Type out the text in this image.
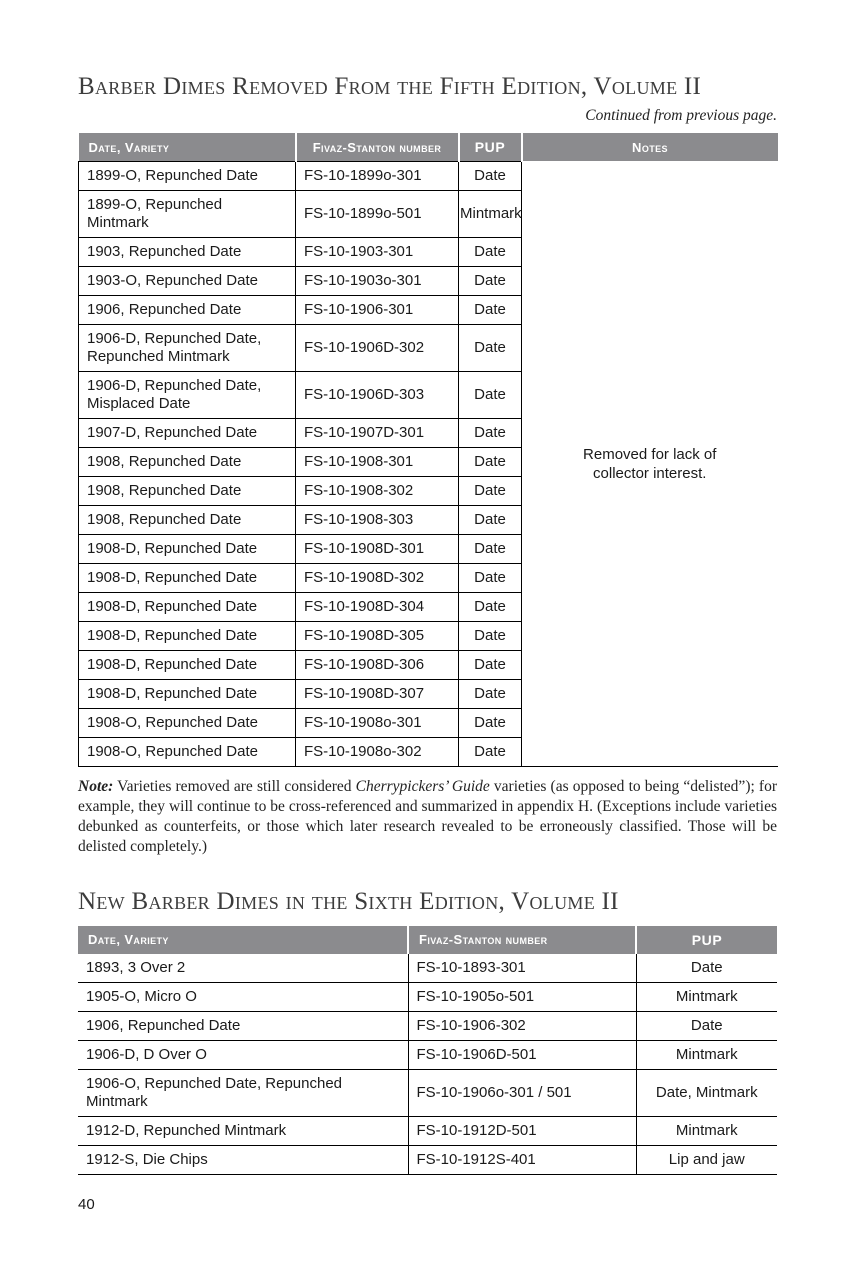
Barber Dimes Removed From the Fifth Edition, Volume II
Continued from previous page.
Date, Variety	Fivaz-Stanton number	PUP	Notes
1899-O, Repunched Date	FS-10-1899o-301	Date	Removed for lack of collector interest.
1899-O, Repunched Mintmark	FS-10-1899o-501	Mintmark	
1903, Repunched Date	FS-10-1903-301	Date	
1903-O, Repunched Date	FS-10-1903o-301	Date	
1906, Repunched Date	FS-10-1906-301	Date	
1906-D, Repunched Date, Repunched Mintmark	FS-10-1906D-302	Date	
1906-D, Repunched Date, Misplaced Date	FS-10-1906D-303	Date	
1907-D, Repunched Date	FS-10-1907D-301	Date	
1908, Repunched Date	FS-10-1908-301	Date	
1908, Repunched Date	FS-10-1908-302	Date	
1908, Repunched Date	FS-10-1908-303	Date	
1908-D, Repunched Date	FS-10-1908D-301	Date	
1908-D, Repunched Date	FS-10-1908D-302	Date	
1908-D, Repunched Date	FS-10-1908D-304	Date	
1908-D, Repunched Date	FS-10-1908D-305	Date	
1908-D, Repunched Date	FS-10-1908D-306	Date	
1908-D, Repunched Date	FS-10-1908D-307	Date	
1908-O, Repunched Date	FS-10-1908o-301	Date	
1908-O, Repunched Date	FS-10-1908o-302	Date	

Note: Varieties removed are still considered Cherrypickers’ Guide varieties (as opposed to being “delisted”); for example, they will continue to be cross-referenced and summarized in appendix H. (Exceptions include varieties debunked as counterfeits, or those which later research revealed to be erroneously classified. Those will be delisted completely.)

New Barber Dimes in the Sixth Edition, Volume II
Date, Variety	Fivaz-Stanton number	PUP
1893, 3 Over 2	FS-10-1893-301	Date
1905-O, Micro O	FS-10-1905o-501	Mintmark
1906, Repunched Date	FS-10-1906-302	Date
1906-D, D Over O	FS-10-1906D-501	Mintmark
1906-O, Repunched Date, Repunched Mintmark	FS-10-1906o-301 / 501	Date, Mintmark
1912-D, Repunched Mintmark	FS-10-1912D-501	Mintmark
1912-S, Die Chips	FS-10-1912S-401	Lip and jaw
40
